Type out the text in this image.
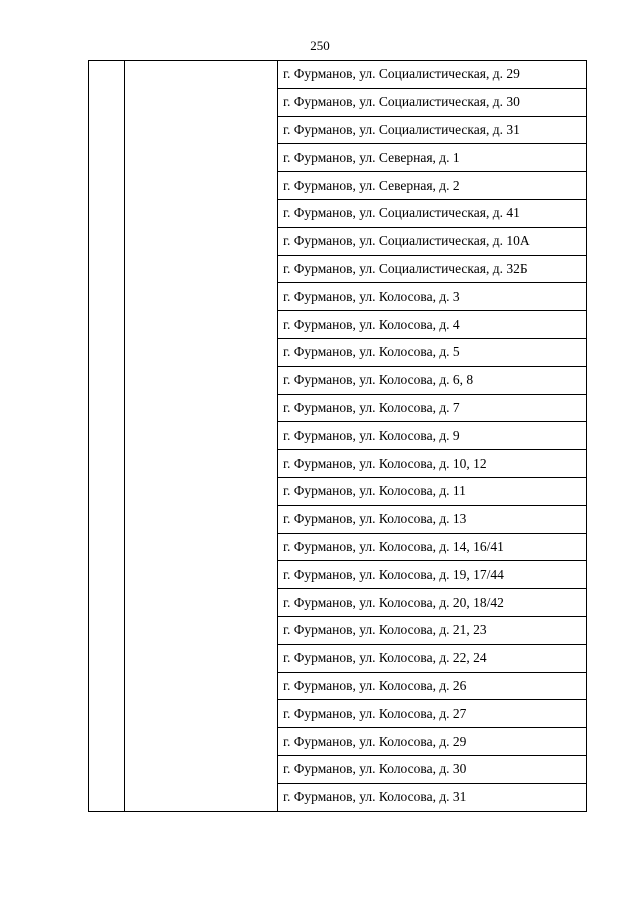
250
		г. Фурманов, ул. Социалистическая, д. 29
г. Фурманов, ул. Социалистическая, д. 30
г. Фурманов, ул. Социалистическая, д. 31
г. Фурманов, ул. Северная, д. 1
г. Фурманов, ул. Северная, д. 2
г. Фурманов, ул. Социалистическая, д. 41
г. Фурманов, ул. Социалистическая, д. 10А
г. Фурманов, ул. Социалистическая, д. 32Б
г. Фурманов, ул. Колосова, д. 3
г. Фурманов, ул. Колосова, д. 4
г. Фурманов, ул. Колосова, д. 5
г. Фурманов, ул. Колосова, д. 6, 8
г. Фурманов, ул. Колосова, д. 7
г. Фурманов, ул. Колосова, д. 9
г. Фурманов, ул. Колосова, д. 10, 12
г. Фурманов, ул. Колосова, д. 11
г. Фурманов, ул. Колосова, д. 13
г. Фурманов, ул. Колосова, д. 14, 16/41
г. Фурманов, ул. Колосова, д. 19, 17/44
г. Фурманов, ул. Колосова, д. 20, 18/42
г. Фурманов, ул. Колосова, д. 21, 23
г. Фурманов, ул. Колосова, д. 22, 24
г. Фурманов, ул. Колосова, д. 26
г. Фурманов, ул. Колосова, д. 27
г. Фурманов, ул. Колосова, д. 29
г. Фурманов, ул. Колосова, д. 30
г. Фурманов, ул. Колосова, д. 31
